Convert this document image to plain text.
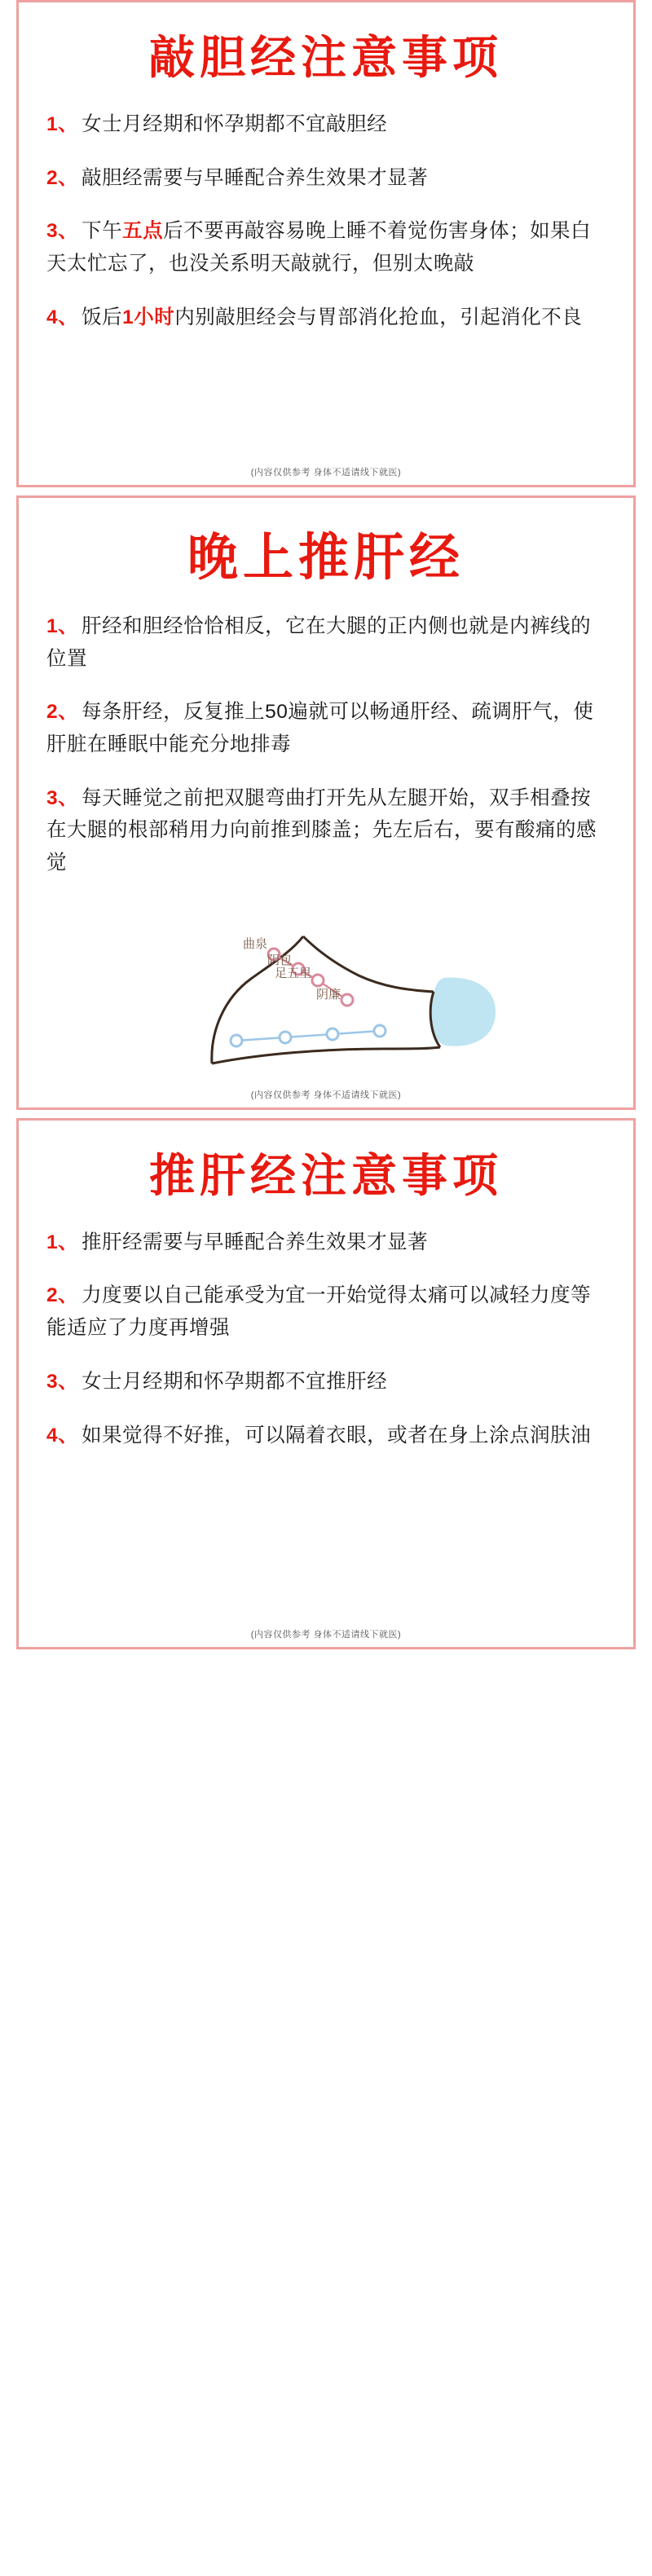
敲胆经注意事项
1、 女士月经期和怀孕期都不宜敲胆经
2、 敲胆经需要与早睡配合养生效果才显著
3、 下午五点后不要再敲容易晚上睡不着觉伤害身体；如果白天太忙忘了，也没关系明天敲就行，但别太晚敲
4、 饭后1小时内别敲胆经会与胃部消化抢血，引起消化不良
(内容仅供参考 身体不适请线下就医)
晚上推肝经
1、 肝经和胆经恰恰相反，它在大腿的正内侧也就是内裤线的位置
2、 每条肝经，反复推上50遍就可以畅通肝经、疏调肝气，使肝脏在睡眠中能充分地排毒
3、 每天睡觉之前把双腿弯曲打开先从左腿开始，双手相叠按在大腿的根部稍用力向前推到膝盖；先左后右，要有酸痛的感觉
曲泉
阴包
足五里
阴廉
(内容仅供参考 身体不适请线下就医)
推肝经注意事项
1、 推肝经需要与早睡配合养生效果才显著
2、 力度要以自己能承受为宜一开始觉得太痛可以减轻力度等能适应了力度再增强
3、 女士月经期和怀孕期都不宜推肝经
4、 如果觉得不好推，可以隔着衣眼，或者在身上涂点润肤油
(内容仅供参考 身体不适请线下就医)
